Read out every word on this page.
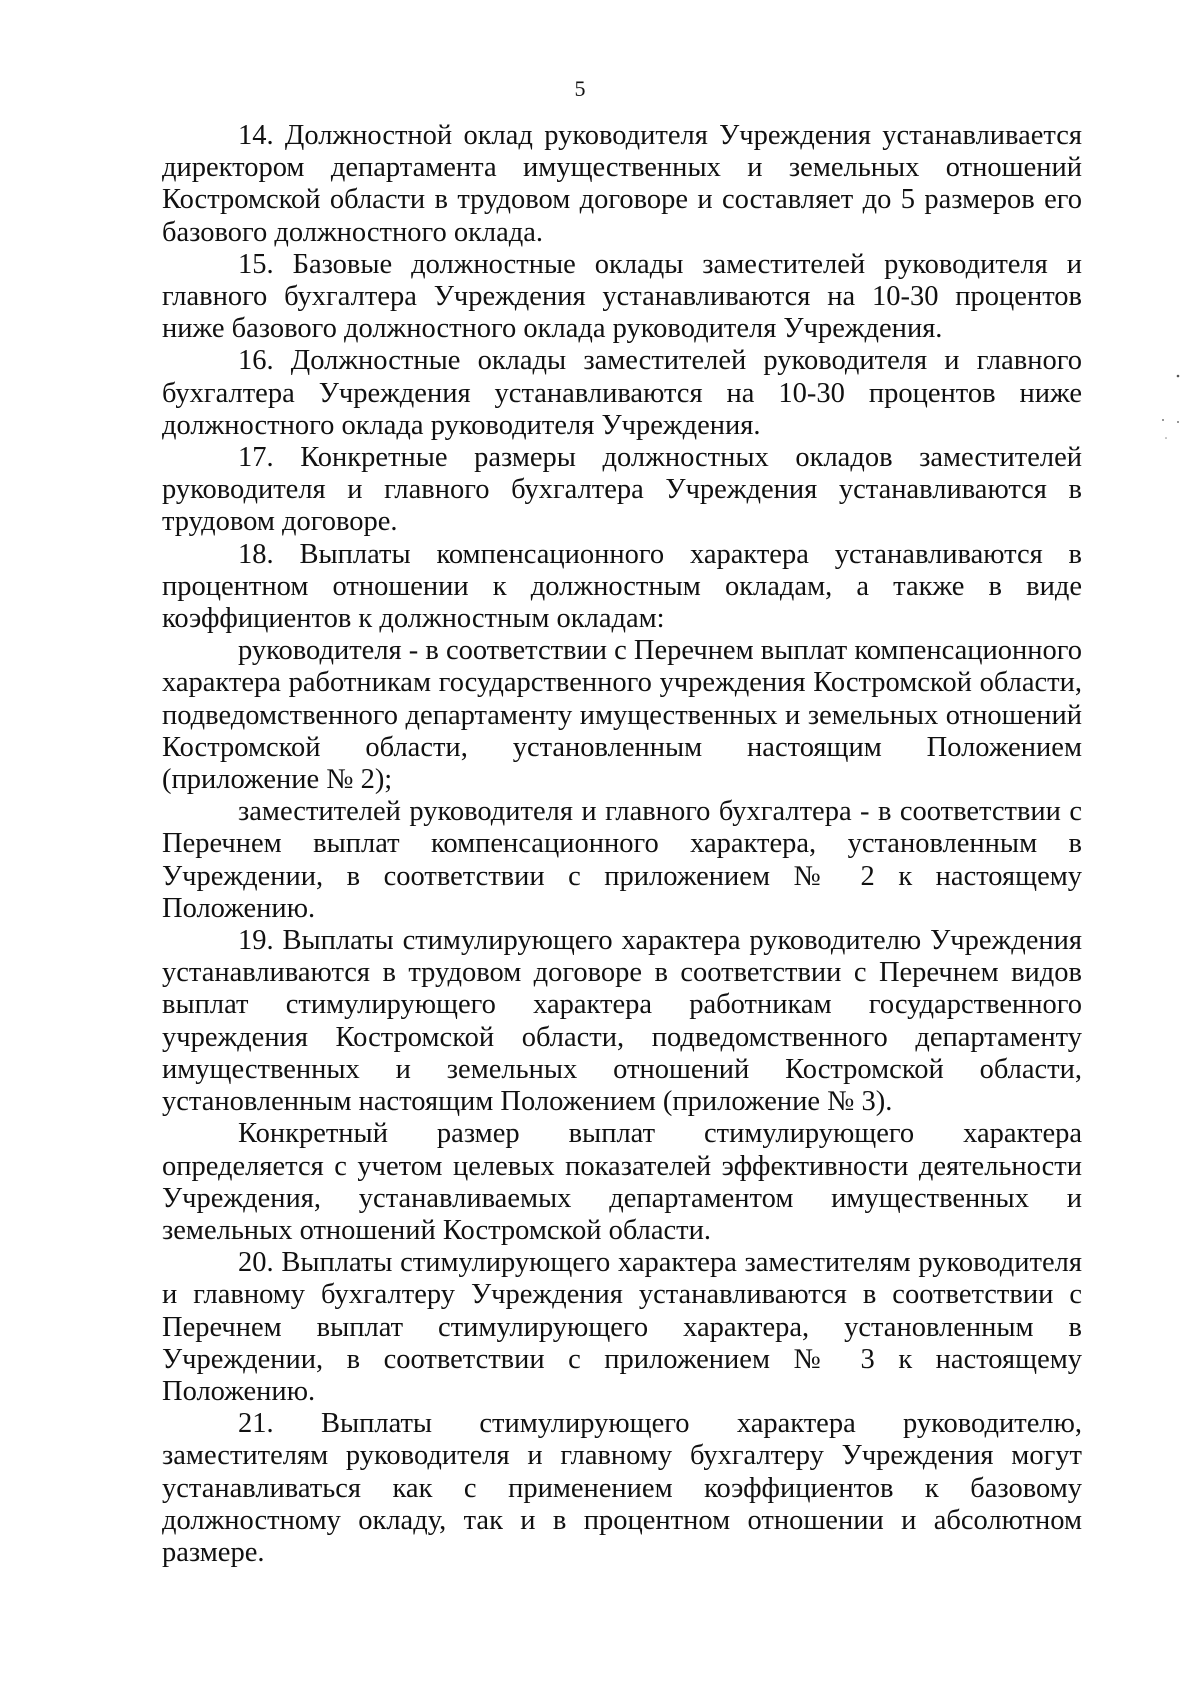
5

14. Должностной оклад руководителя Учреждения устанавливается директором департамента имущественных и земельных отношений Костромской области в трудовом договоре и составляет до 5 размеров его базового должностного оклада.

15. Базовые должностные оклады заместителей руководителя и главного бухгалтера Учреждения устанавливаются на 10-30 процентов ниже базового должностного оклада руководителя Учреждения.

16. Должностные оклады заместителей руководителя и главного бухгалтера Учреждения устанавливаются на 10-30 процентов ниже должностного оклада руководителя Учреждения.

17. Конкретные размеры должностных окладов заместителей руководителя и главного бухгалтера Учреждения устанавливаются в трудовом договоре.

18. Выплаты компенсационного характера устанавливаются в процентном отношении к должностным окладам, а также в виде коэффициентов к должностным окладам:

руководителя - в соответствии с Перечнем выплат компенсационного характера работникам государственного учреждения Костромской области, подведомственного департаменту имущественных и земельных отношений Костромской области, установленным настоящим Положением (приложение № 2);

заместителей руководителя и главного бухгалтера - в соответствии с Перечнем выплат компенсационного характера, установленным в Учреждении, в соответствии с приложением № 2 к настоящему Положению.

19. Выплаты стимулирующего характера руководителю Учреждения устанавливаются в трудовом договоре в соответствии с Перечнем видов выплат стимулирующего характера работникам государственного учреждения Костромской области, подведомственного департаменту имущественных и земельных отношений Костромской области, установленным настоящим Положением (приложение № 3).

Конкретный размер выплат стимулирующего характера определяется с учетом целевых показателей эффективности деятельности Учреждения, устанавливаемых департаментом имущественных и земельных отношений Костромской области.

20. Выплаты стимулирующего характера заместителям руководителя и главному бухгалтеру Учреждения устанавливаются в соответствии с Перечнем выплат стимулирующего характера, установленным в Учреждении, в соответствии с приложением № 3 к настоящему Положению.

21. Выплаты стимулирующего характера руководителю, заместителям руководителя и главному бухгалтеру Учреждения могут устанавливаться как с применением коэффициентов к базовому должностному окладу, так и в процентном отношении и абсолютном размере.
